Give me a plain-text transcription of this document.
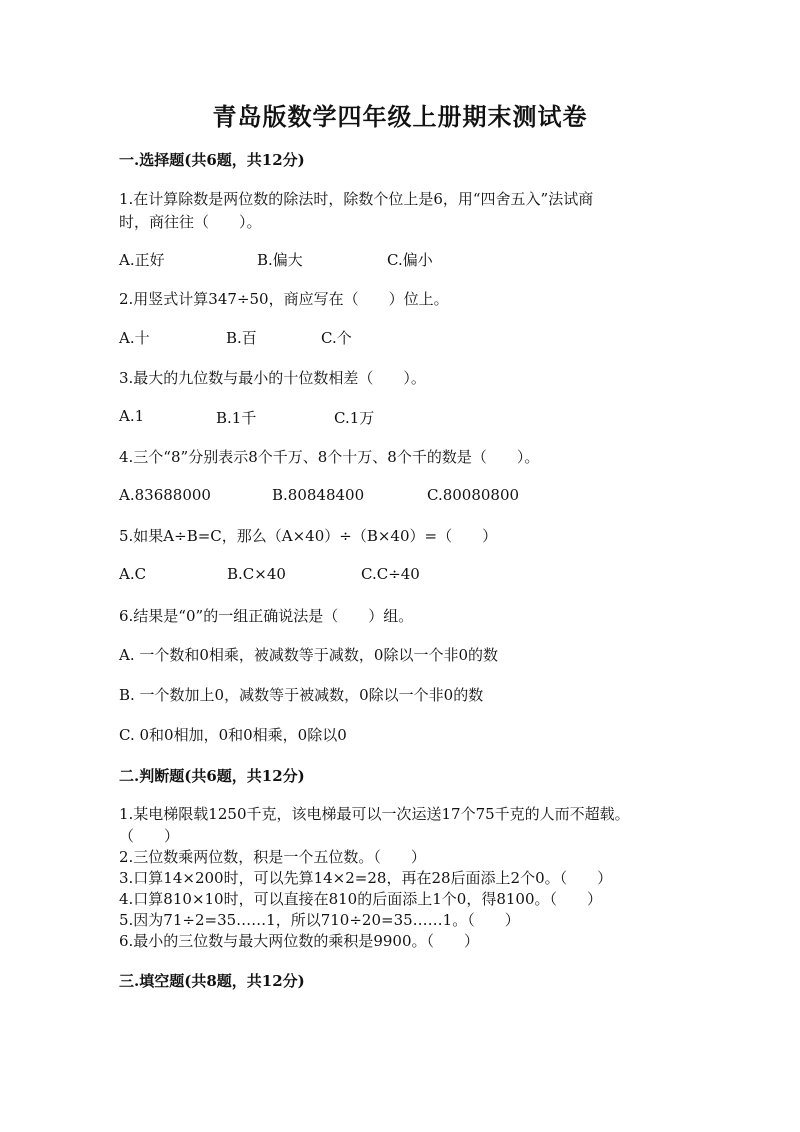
青岛版数学四年级上册期末测试卷
一.选择题(共6题，共12分)
1.在计算除数是两位数的除法时，除数个位上是6，用“四舍五入”法试商
时，商往往（　　）。
A.正好	B.偏大	C.偏小
2.用竖式计算347÷50，商应写在（　　）位上。
A.十	B.百	C.个
3.最大的九位数与最小的十位数相差（　　）。
A.1	B.1千	C.1万
4.三个“8”分别表示8个千万、8个十万、8个千的数是（　　）。
A.83688000	B.80848400	C.80080800
5.如果A÷B=C，那么（A×40）÷（B×40）=（　　）
A.C	B.C×40	C.C÷40
6.结果是“0”的一组正确说法是（　　）组。
A. 一个数和0相乘，被减数等于减数，0除以一个非0的数
B. 一个数加上0，减数等于被减数，0除以一个非0的数
C. 0和0相加，0和0相乘，0除以0
二.判断题(共6题，共12分)
1.某电梯限载1250千克，该电梯最可以一次运送17个75千克的人而不超载。
（　　）
2.三位数乘两位数，积是一个五位数。（　　）
3.口算14×200时，可以先算14×2=28，再在28后面添上2个0。（　　）
4.口算810×10时，可以直接在810的后面添上1个0，得8100。（　　）
5.因为71÷2=35……1，所以710÷20=35……1。（　　）
6.最小的三位数与最大两位数的乘积是9900。（　　）
三.填空题(共8题，共12分)
